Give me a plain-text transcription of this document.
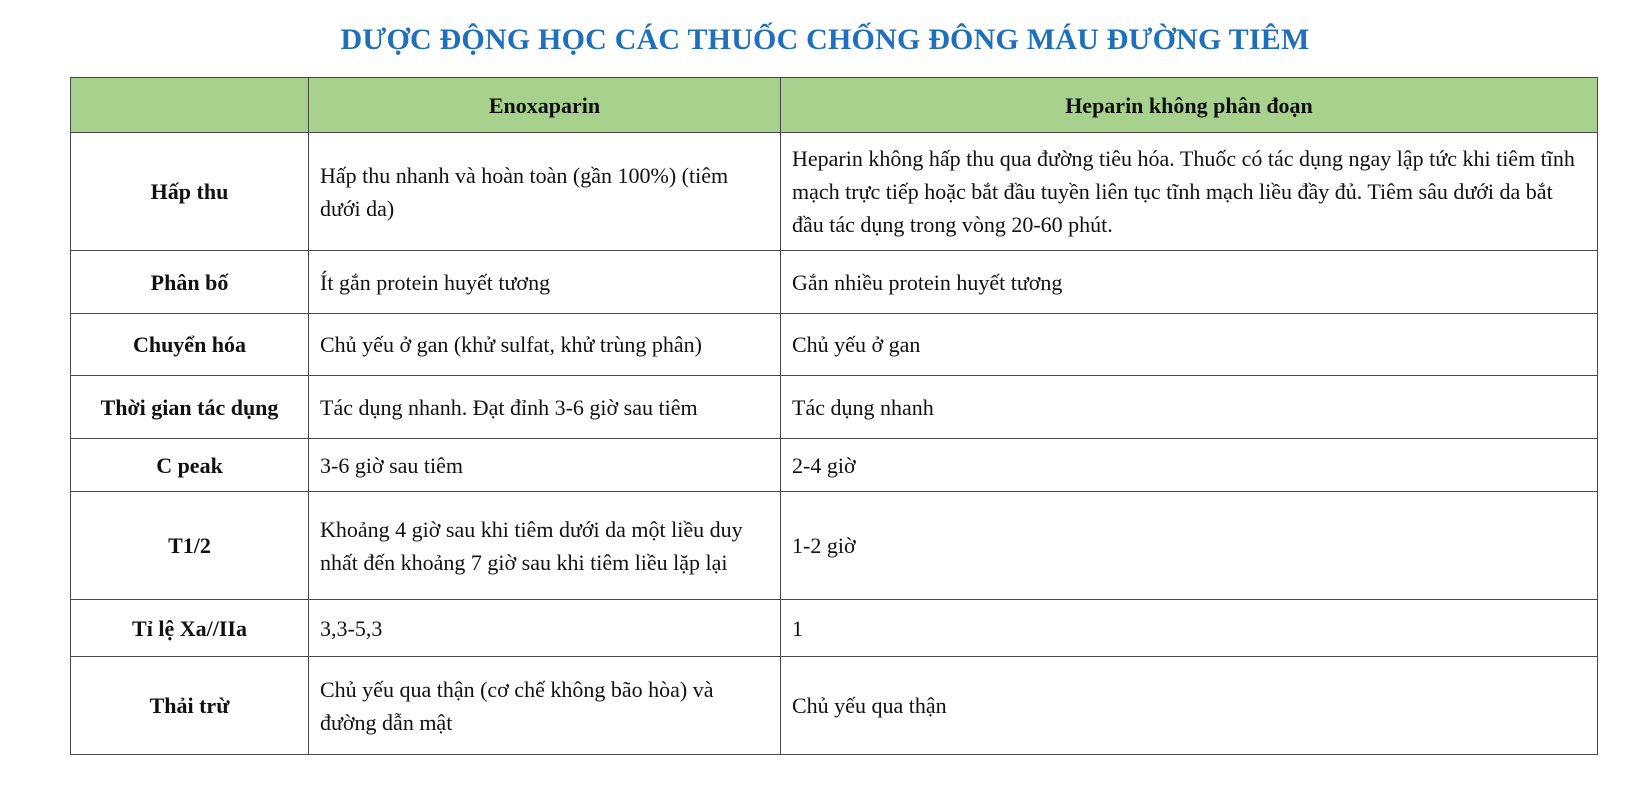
DƯỢC ĐỘNG HỌC CÁC THUỐC CHỐNG ĐÔNG MÁU ĐƯỜNG TIÊM
	Enoxaparin	Heparin không phân đoạn
Hấp thu	Hấp thu nhanh và hoàn toàn (gần 100%) (tiêm dưới da)	Heparin không hấp thu qua đường tiêu hóa. Thuốc có tác dụng ngay lập tức khi tiêm tĩnh mạch trực tiếp hoặc bắt đầu tuyền liên tục tĩnh mạch liều đầy đủ. Tiêm sâu dưới da bắt đầu tác dụng trong vòng 20-60 phút.
Phân bố	Ít gắn protein huyết tương	Gắn nhiều protein huyết tương
Chuyển hóa	Chủ yếu ở gan (khử sulfat, khử trùng phân)	Chủ yếu ở gan
Thời gian tác dụng	Tác dụng nhanh. Đạt đỉnh 3-6 giờ sau tiêm	Tác dụng nhanh
C peak	3-6 giờ sau tiêm	2-4 giờ
T1/2	Khoảng 4 giờ sau khi tiêm dưới da một liều duy nhất đến khoảng 7 giờ sau khi tiêm liều lặp lại	1-2 giờ
Tỉ lệ Xa//IIa	3,3-5,3	1
Thải trừ	Chủ yếu qua thận (cơ chế không bão hòa) và đường dẫn mật	Chủ yếu qua thận
